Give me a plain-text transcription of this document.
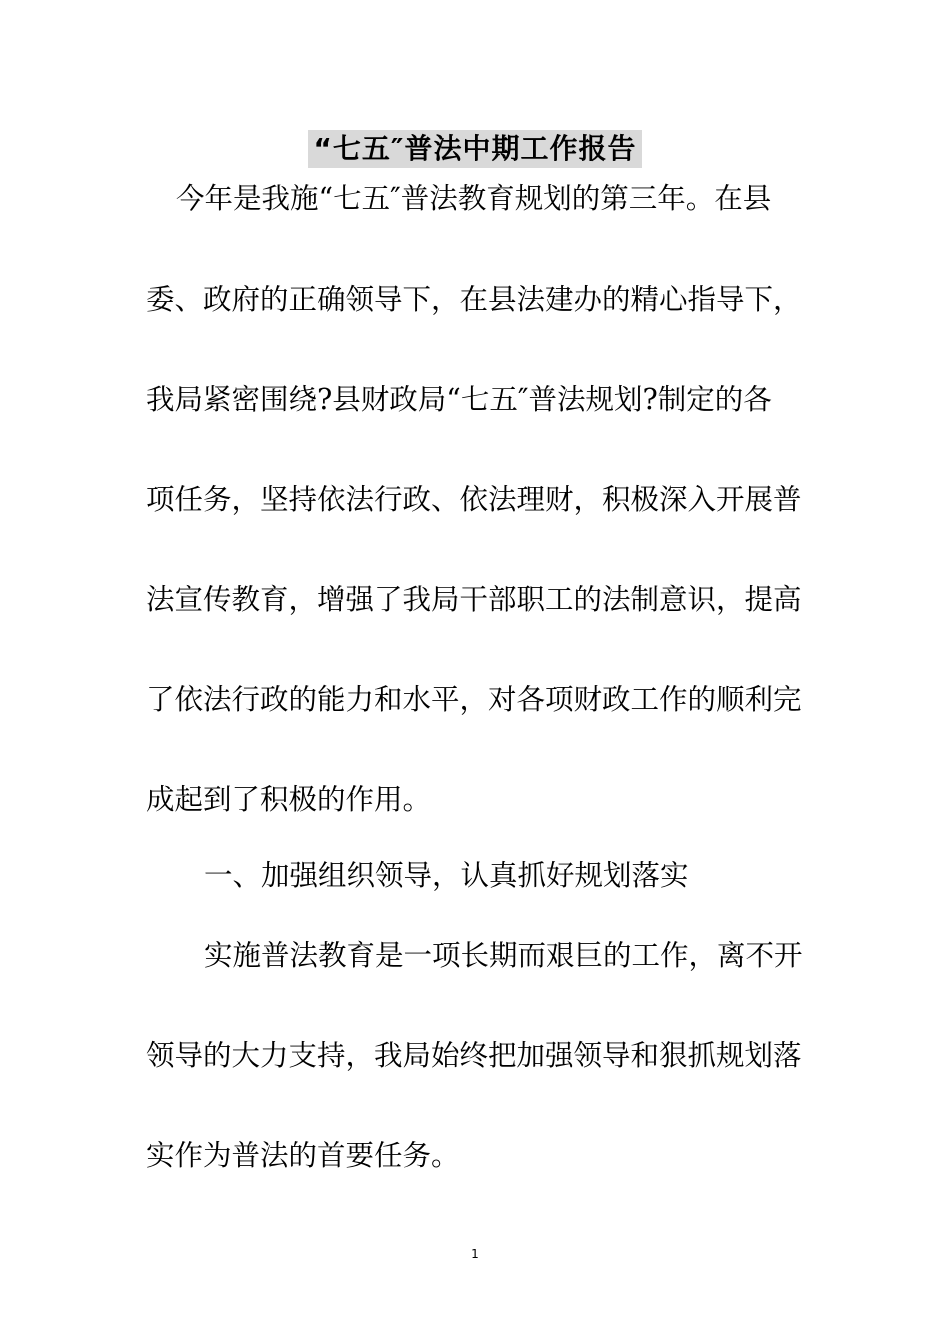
“七五″普法中期工作报告
今年是我施“七五″普法教育规划的第三年。在县
委、政府的正确领导下，在县法建办的精心指导下，
我局紧密围绕?县财政局“七五″普法规划?制定的各
项任务，坚持依法行政、依法理财，积极深入开展普
法宣传教育，增强了我局干部职工的法制意识，提高
了依法行政的能力和水平，对各项财政工作的顺利完
成起到了积极的作用。
一、加强组织领导，认真抓好规划落实
实施普法教育是一项长期而艰巨的工作，离不开
领导的大力支持，我局始终把加强领导和狠抓规划落
实作为普法的首要任务。
1
